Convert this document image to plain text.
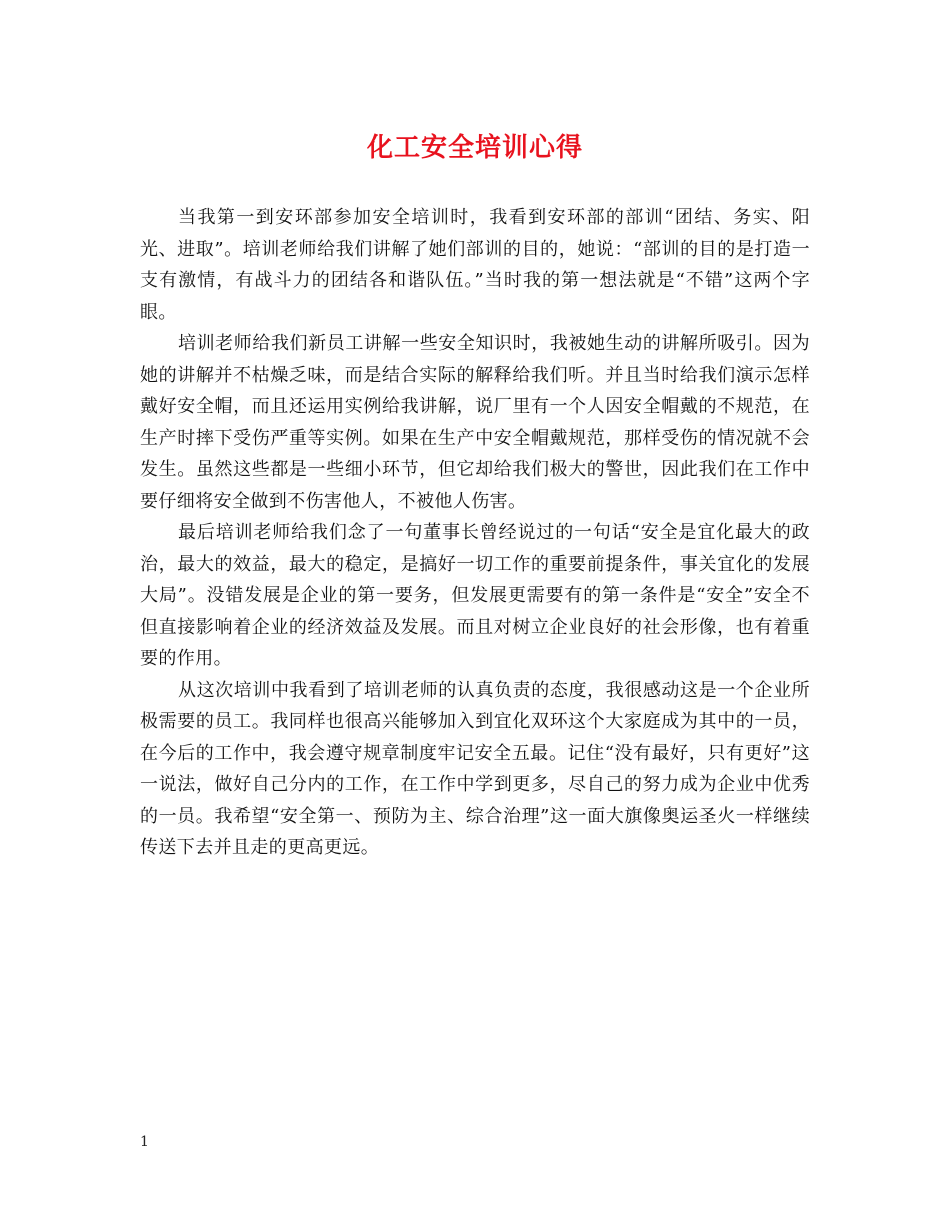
化工安全培训心得

当我第一到安环部参加安全培训时，我看到安环部的部训“团结、务实、阳光、进取”。培训老师给我们讲解了她们部训的目的，她说：“部训的目的是打造一支有激情，有战斗力的团结各和谐队伍。”当时我的第一想法就是“不错”这两个字眼。

培训老师给我们新员工讲解一些安全知识时，我被她生动的讲解所吸引。因为她的讲解并不枯燥乏味，而是结合实际的解释给我们听。并且当时给我们演示怎样戴好安全帽，而且还运用实例给我讲解，说厂里有一个人因安全帽戴的不规范，在生产时摔下受伤严重等实例。如果在生产中安全帽戴规范，那样受伤的情况就不会发生。虽然这些都是一些细小环节，但它却给我们极大的警世，因此我们在工作中要仔细将安全做到不伤害他人，不被他人伤害。

最后培训老师给我们念了一句董事长曾经说过的一句话“安全是宜化最大的政治，最大的效益，最大的稳定，是搞好一切工作的重要前提条件，事关宜化的发展大局”。没错发展是企业的第一要务，但发展更需要有的第一条件是“安全”安全不但直接影响着企业的经济效益及发展。而且对树立企业良好的社会形像，也有着重要的作用。

从这次培训中我看到了培训老师的认真负责的态度，我很感动这是一个企业所极需要的员工。我同样也很高兴能够加入到宜化双环这个大家庭成为其中的一员，在今后的工作中，我会遵守规章制度牢记安全五最。记住“没有最好，只有更好”这一说法，做好自己分内的工作，在工作中学到更多，尽自己的努力成为企业中优秀的一员。我希望“安全第一、预防为主、综合治理”这一面大旗像奥运圣火一样继续传送下去并且走的更高更远。

1
